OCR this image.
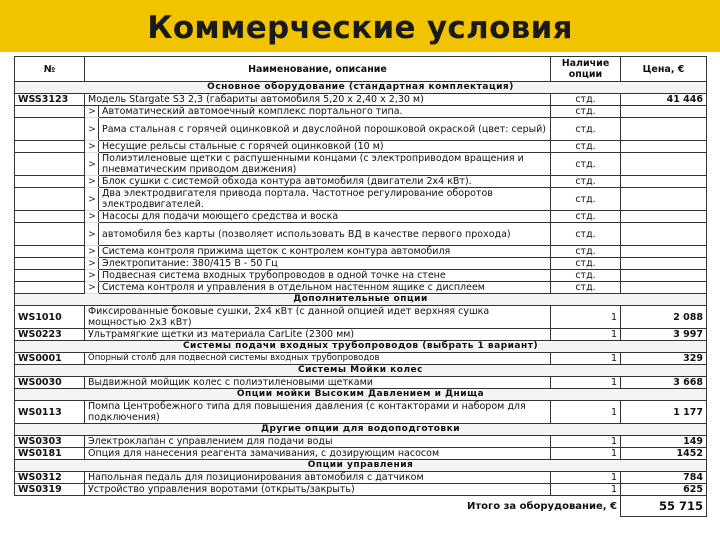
Коммерческие условия
№	Наименование, описание		Наличие опции	Цена, €
Основное оборудование (стандартная комплектация)				
WSS3123	Модель Stargate S3 2,3 (габариты автомобиля 5,20 x 2,40 x 2,30 м)		стд.	41 446
	>	Автоматический автомоечный комплекс портального типа.	стд.	
	>	Рама стальная с горячей оцинковкой и двуслойной порошковой окраской (цвет: серый)	стд.	
	>	Несущие рельсы стальные с горячей оцинковкой (10 м)	стд.	
	>	Полиэтиленовые щетки с распушенными концами (с электроприводом вращения и пневматическим приводом движения)	стд.	
	>	Блок сушки с системой обхода контура автомобиля (двигатели 2x4 кВт).	стд.	
	>	Два электродвигателя привода портала. Частотное регулирование оборотов электродвигателей.	стд.	
	>	Насосы для подачи моющего средства и воска	стд.	
	>	автомобиля без карты (позволяет использовать ВД в качестве первого прохода)	стд.	
	>	Система контроля прижима щеток с контролем контура автомобиля	стд.	
	>	Электропитание: 380/415 В - 50 Гц	стд.	
	>	Подвесная система входных трубопроводов в одной точке на стене	стд.	
	>	Система контроля и управления в отдельном настенном ящике с дисплеем	стд.	
Дополнительные опции				
WS1010	Фиксированные боковые сушки, 2x4 кВт (с данной опцией идет верхняя сушка мощностью 2x3 кВт)		1	2 088
WS0223	Ультрамягкие щетки из материала CarLite (2300 мм)		1	3 997
Системы подачи входных трубопроводов (выбрать 1 вариант)				
WS0001	Опорный столб для подвесной системы входных трубопроводов		1	329
Системы Мойки колес				
WS0030	Выдвижной мойщик колес с полиэтиленовыми щетками		1	3 668
Опции мойки Высоким Давлением и Днища				
WS0113	Помпа Центробежного типа для повышения давления (с контакторами и набором для подключения)		1	1 177
Другие опции для водоподготовки				
WS0303	Электроклапан с управлением для подачи воды		1	149
WS0181	Опция для нанесения реагента замачивания, с дозирующим насосом		1	1452
Опции управления				
WS0312	Напольная педаль для позиционирования автомобиля с датчиком		1	784
WS0319	Устройство управления воротами (открыть/закрыть)		1	625
Итого за оборудование, €				55 715
